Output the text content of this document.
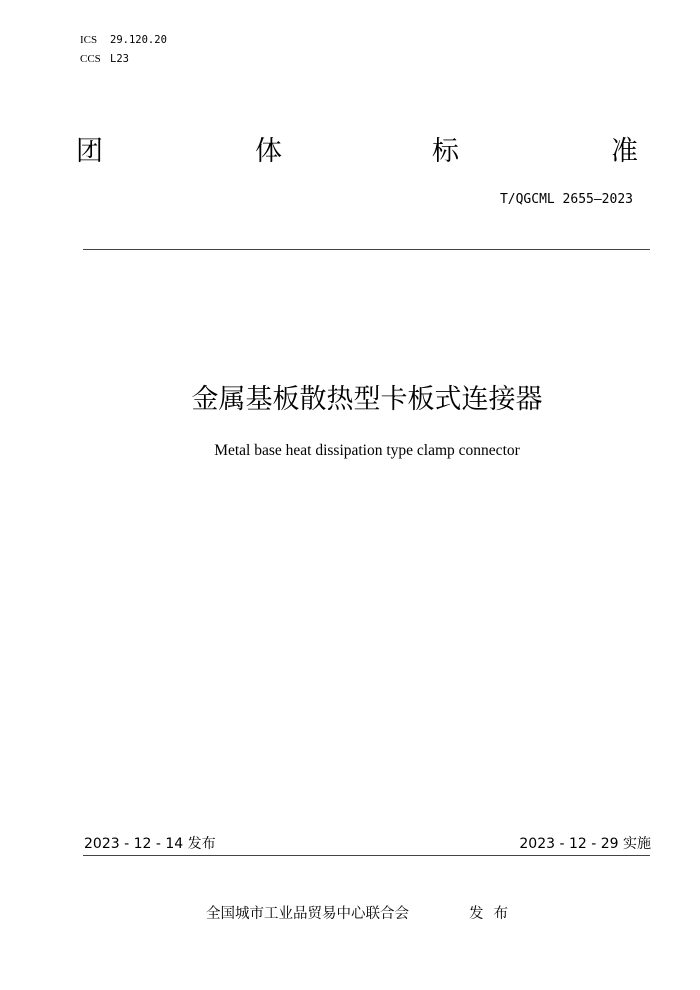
ICS 29.120.20
CCS L23
团	体	标	准
T/QGCML 2655—2023
金属基板散热型卡板式连接器
Metal base heat dissipation type clamp connector
2023 - 12 - 14 发布	2023 - 12 - 29 实施
全国城市工业品贸易中心联合会	发布
